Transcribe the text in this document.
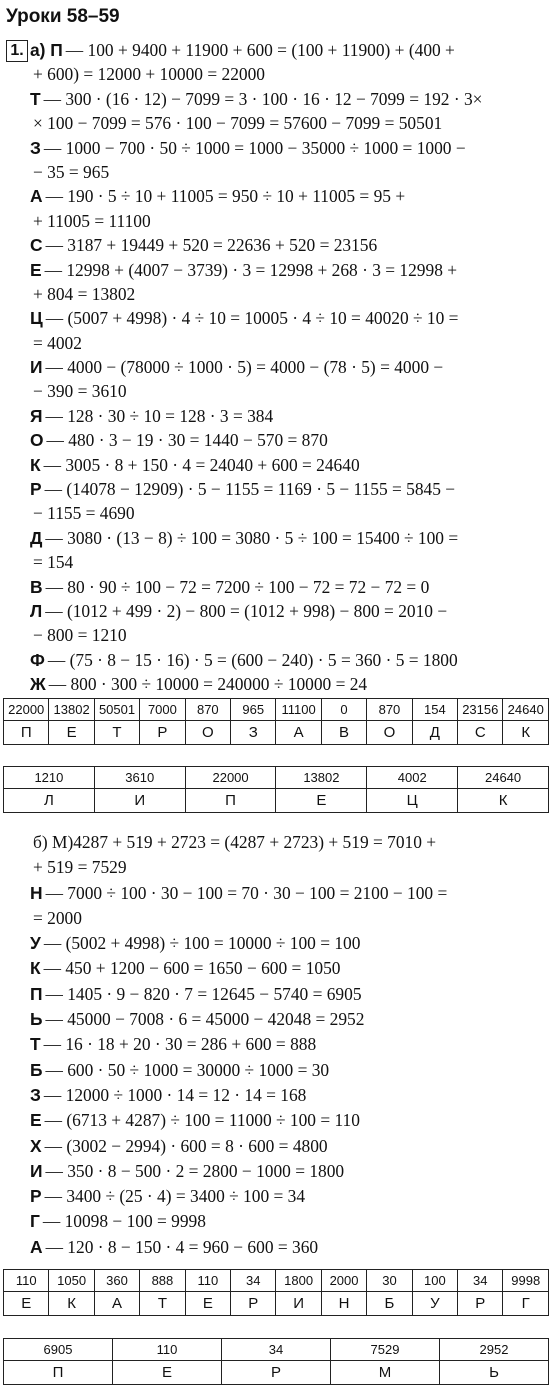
Уроки 58–59
1. а) П — 100 + 9400 + 11900 + 600 = (100 + 11900) + (400 +
+ 600) = 12000 + 10000 = 22000
Т — 300 · (16 · 12) − 7099 = 3 · 100 · 16 · 12 − 7099 = 192 · 3×
× 100 − 7099 = 576 · 100 − 7099 = 57600 − 7099 = 50501
З — 1000 − 700 · 50 ÷ 1000 = 1000 − 35000 ÷ 1000 = 1000 −
− 35 = 965
А — 190 · 5 ÷ 10 + 11005 = 950 ÷ 10 + 11005 = 95 +
+ 11005 = 11100
С — 3187 + 19449 + 520 = 22636 + 520 = 23156
Е — 12998 + (4007 − 3739) · 3 = 12998 + 268 · 3 = 12998 +
+ 804 = 13802
Ц — (5007 + 4998) · 4 ÷ 10 = 10005 · 4 ÷ 10 = 40020 ÷ 10 =
= 4002
И — 4000 − (78000 ÷ 1000 · 5) = 4000 − (78 · 5) = 4000 −
− 390 = 3610
Я — 128 · 30 ÷ 10 = 128 · 3 = 384
О — 480 · 3 − 19 · 30 = 1440 − 570 = 870
К — 3005 · 8 + 150 · 4 = 24040 + 600 = 24640
Р — (14078 − 12909) · 5 − 1155 = 1169 · 5 − 1155 = 5845 −
− 1155 = 4690
Д — 3080 · (13 − 8) ÷ 100 = 3080 · 5 ÷ 100 = 15400 ÷ 100 =
= 154
В — 80 · 90 ÷ 100 − 72 = 7200 ÷ 100 − 72 = 72 − 72 = 0
Л — (1012 + 499 · 2) − 800 = (1012 + 998) − 800 = 2010 −
− 800 = 1210
Ф — (75 · 8 − 15 · 16) · 5 = (600 − 240) · 5 = 360 · 5 = 1800
Ж — 800 · 300 ÷ 10000 = 240000 ÷ 10000 = 24
22000	13802	50501	7000	870	965	11100	0	870	154	23156	24640
П	Е	Т	Р	О	З	А	В	О	Д	С	К
1210	3610	22000	13802	4002	24640
Л	И	П	Е	Ц	К
б) М)4287 + 519 + 2723 = (4287 + 2723) + 519 = 7010 +
+ 519 = 7529
Н — 7000 ÷ 100 · 30 − 100 = 70 · 30 − 100 = 2100 − 100 =
= 2000
У — (5002 + 4998) ÷ 100 = 10000 ÷ 100 = 100
К — 450 + 1200 − 600 = 1650 − 600 = 1050
П — 1405 · 9 − 820 · 7 = 12645 − 5740 = 6905
Ь — 45000 − 7008 · 6 = 45000 − 42048 = 2952
Т — 16 · 18 + 20 · 30 = 286 + 600 = 888
Б — 600 · 50 ÷ 1000 = 30000 ÷ 1000 = 30
З — 12000 ÷ 1000 · 14 = 12 · 14 = 168
Е — (6713 + 4287) ÷ 100 = 11000 ÷ 100 = 110
Х — (3002 − 2994) · 600 = 8 · 600 = 4800
И — 350 · 8 − 500 · 2 = 2800 − 1000 = 1800
Р — 3400 ÷ (25 · 4) = 3400 ÷ 100 = 34
Г — 10098 − 100 = 9998
А — 120 · 8 − 150 · 4 = 960 − 600 = 360
110	1050	360	888	110	34	1800	2000	30	100	34	9998
Е	К	А	Т	Е	Р	И	Н	Б	У	Р	Г
6905	110	34	7529	2952
П	Е	Р	М	Ь
